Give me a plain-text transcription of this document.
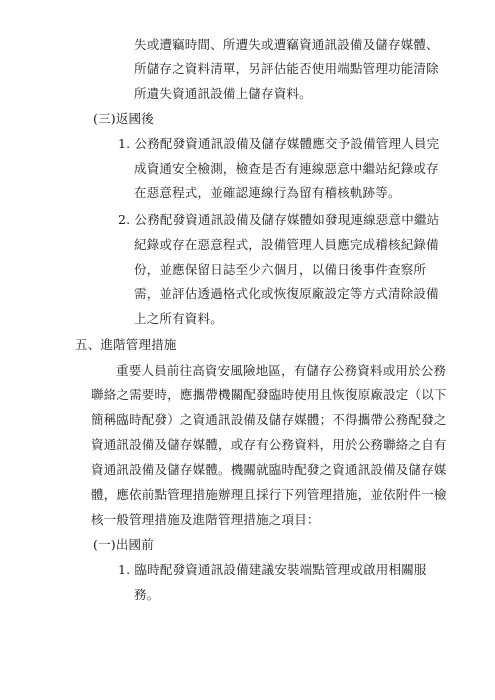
失或遭竊時間、所遭失或遭竊資通訊設備及儲存媒體、
所儲存之資料清單，另評估能否使用端點管理功能清除
所遺失資通訊設備上儲存資料。
(三)返國後
1. 公務配發資通訊設備及儲存媒體應交予設備管理人員完
成資通安全檢測，檢查是否有連線惡意中繼站紀錄或存
在惡意程式，並確認連線行為留有稽核軌跡等。
2. 公務配發資通訊設備及儲存媒體如發現連線惡意中繼站
紀錄或存在惡意程式，設備管理人員應完成稽核紀錄備
份，並應保留日誌至少六個月，以備日後事件查察所
需，並評估透過格式化或恢復原廠設定等方式清除設備
上之所有資料。
五、進階管理措施
重要人員前往高資安風險地區，有儲存公務資料或用於公務
聯絡之需要時，應攜帶機關配發臨時使用且恢復原廠設定（以下
簡稱臨時配發）之資通訊設備及儲存媒體；不得攜帶公務配發之
資通訊設備及儲存媒體，或存有公務資料，用於公務聯絡之自有
資通訊設備及儲存媒體。機關就臨時配發之資通訊設備及儲存媒
體，應依前點管理措施辦理且採行下列管理措施，並依附件一檢
核一般管理措施及進階管理措施之項目：
(一)出國前
1. 臨時配發資通訊設備建議安裝端點管理或啟用相關服
務。
